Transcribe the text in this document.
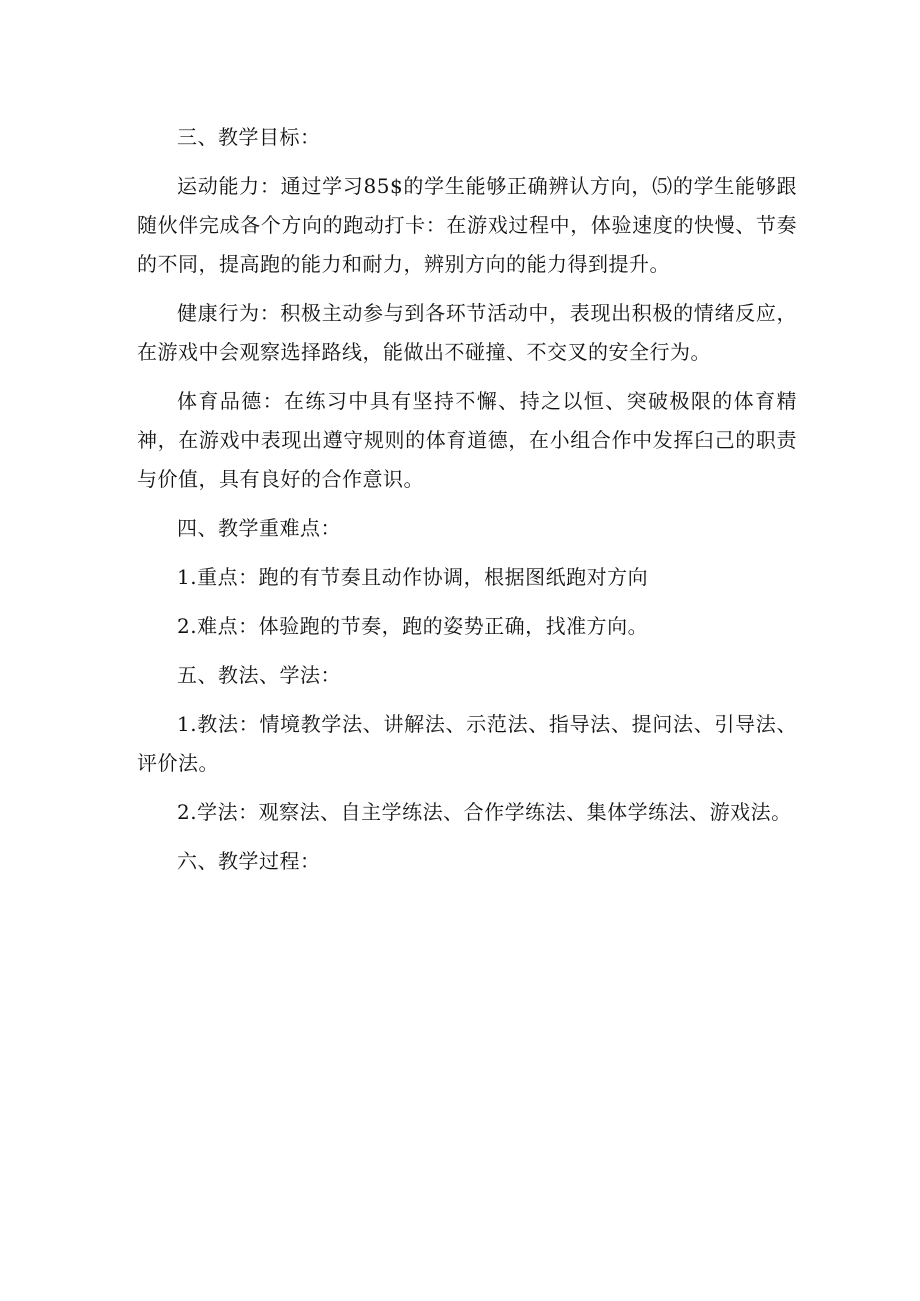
三、教学目标：

运动能力：通过学习85$的学生能够正确辨认方向，⑸的学生能够跟随伙伴完成各个方向的跑动打卡：在游戏过程中，体验速度的快慢、节奏的不同，提高跑的能力和耐力，辨别方向的能力得到提升。

健康行为：积极主动参与到各环节活动中，表现出积极的情绪反应，在游戏中会观察选择路线，能做出不碰撞、不交叉的安全行为。

体育品德：在练习中具有坚持不懈、持之以恒、突破极限的体育精神，在游戏中表现出遵守规则的体育道德，在小组合作中发挥臼己的职责与价值，具有良好的合作意识。

四、教学重难点：

1.重点：跑的有节奏且动作协调，根据图纸跑对方向

2.难点：体验跑的节奏，跑的姿势正确，找准方向。

五、教法、学法：

1.教法：情境教学法、讲解法、示范法、指导法、提问法、引导法、评价法。

2.学法：观察法、自主学练法、合作学练法、集体学练法、游戏法。

六、教学过程：
